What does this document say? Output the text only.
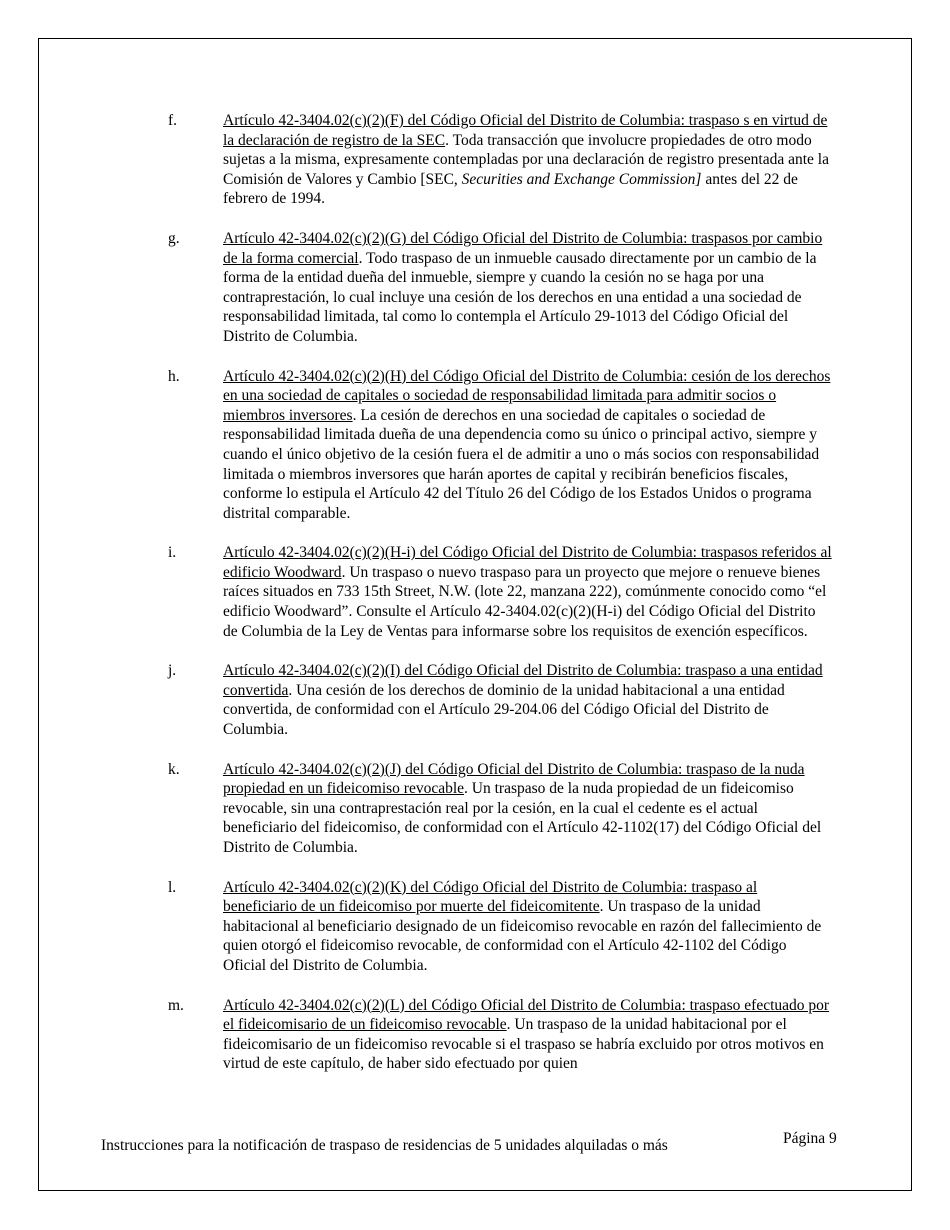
f.	Artículo 42-3404.02(c)(2)(F) del Código Oficial del Distrito de Columbia: traspaso s en virtud de la declaración de registro de la SEC. Toda transacción que involucre propiedades de otro modo sujetas a la misma, expresamente contempladas por una declaración de registro presentada ante la Comisión de Valores y Cambio [SEC, Securities and Exchange Commission] antes del 22 de febrero de 1994.
g.	Artículo 42-3404.02(c)(2)(G) del Código Oficial del Distrito de Columbia: traspasos por cambio de la forma comercial. Todo traspaso de un inmueble causado directamente por un cambio de la forma de la entidad dueña del inmueble, siempre y cuando la cesión no se haga por una contraprestación, lo cual incluye una cesión de los derechos en una entidad a una sociedad de responsabilidad limitada, tal como lo contempla el Artículo 29-1013 del Código Oficial del Distrito de Columbia.
h.	Artículo 42-3404.02(c)(2)(H) del Código Oficial del Distrito de Columbia: cesión de los derechos en una sociedad de capitales o sociedad de responsabilidad limitada para admitir socios o miembros inversores. La cesión de derechos en una sociedad de capitales o sociedad de responsabilidad limitada dueña de una dependencia como su único o principal activo, siempre y cuando el único objetivo de la cesión fuera el de admitir a uno o más socios con responsabilidad limitada o miembros inversores que harán aportes de capital y recibirán beneficios fiscales, conforme lo estipula el Artículo 42 del Título 26 del Código de los Estados Unidos o programa distrital comparable.
i.	Artículo 42-3404.02(c)(2)(H-i) del Código Oficial del Distrito de Columbia: traspasos referidos al edificio Woodward. Un traspaso o nuevo traspaso para un proyecto que mejore o renueve bienes raíces situados en 733 15th Street, N.W. (lote 22, manzana 222), comúnmente conocido como “el edificio Woodward”. Consulte el Artículo 42-3404.02(c)(2)(H-i) del Código Oficial del Distrito de Columbia de la Ley de Ventas para informarse sobre los requisitos de exención específicos.
j.	Artículo 42-3404.02(c)(2)(I) del Código Oficial del Distrito de Columbia: traspaso a una entidad convertida. Una cesión de los derechos de dominio de la unidad habitacional a una entidad convertida, de conformidad con el Artículo 29-204.06 del Código Oficial del Distrito de Columbia.
k.	Artículo 42-3404.02(c)(2)(J) del Código Oficial del Distrito de Columbia: traspaso de la nuda propiedad en un fideicomiso revocable. Un traspaso de la nuda propiedad de un fideicomiso revocable, sin una contraprestación real por la cesión, en la cual el cedente es el actual beneficiario del fideicomiso, de conformidad con el Artículo 42-1102(17) del Código Oficial del Distrito de Columbia.
l.	Artículo 42-3404.02(c)(2)(K) del Código Oficial del Distrito de Columbia: traspaso al beneficiario de un fideicomiso por muerte del fideicomitente. Un traspaso de la unidad habitacional al beneficiario designado de un fideicomiso revocable en razón del fallecimiento de quien otorgó el fideicomiso revocable, de conformidad con el Artículo 42-1102 del Código Oficial del Distrito de Columbia.
m.	Artículo 42-3404.02(c)(2)(L) del Código Oficial del Distrito de Columbia: traspaso efectuado por el fideicomisario de un fideicomiso revocable. Un traspaso de la unidad habitacional por el fideicomisario de un fideicomiso revocable si el traspaso se habría excluido por otros motivos en virtud de este capítulo, de haber sido efectuado por quien
Instrucciones para la notificación de traspaso de residencias de 5 unidades alquiladas o más	Página 9
